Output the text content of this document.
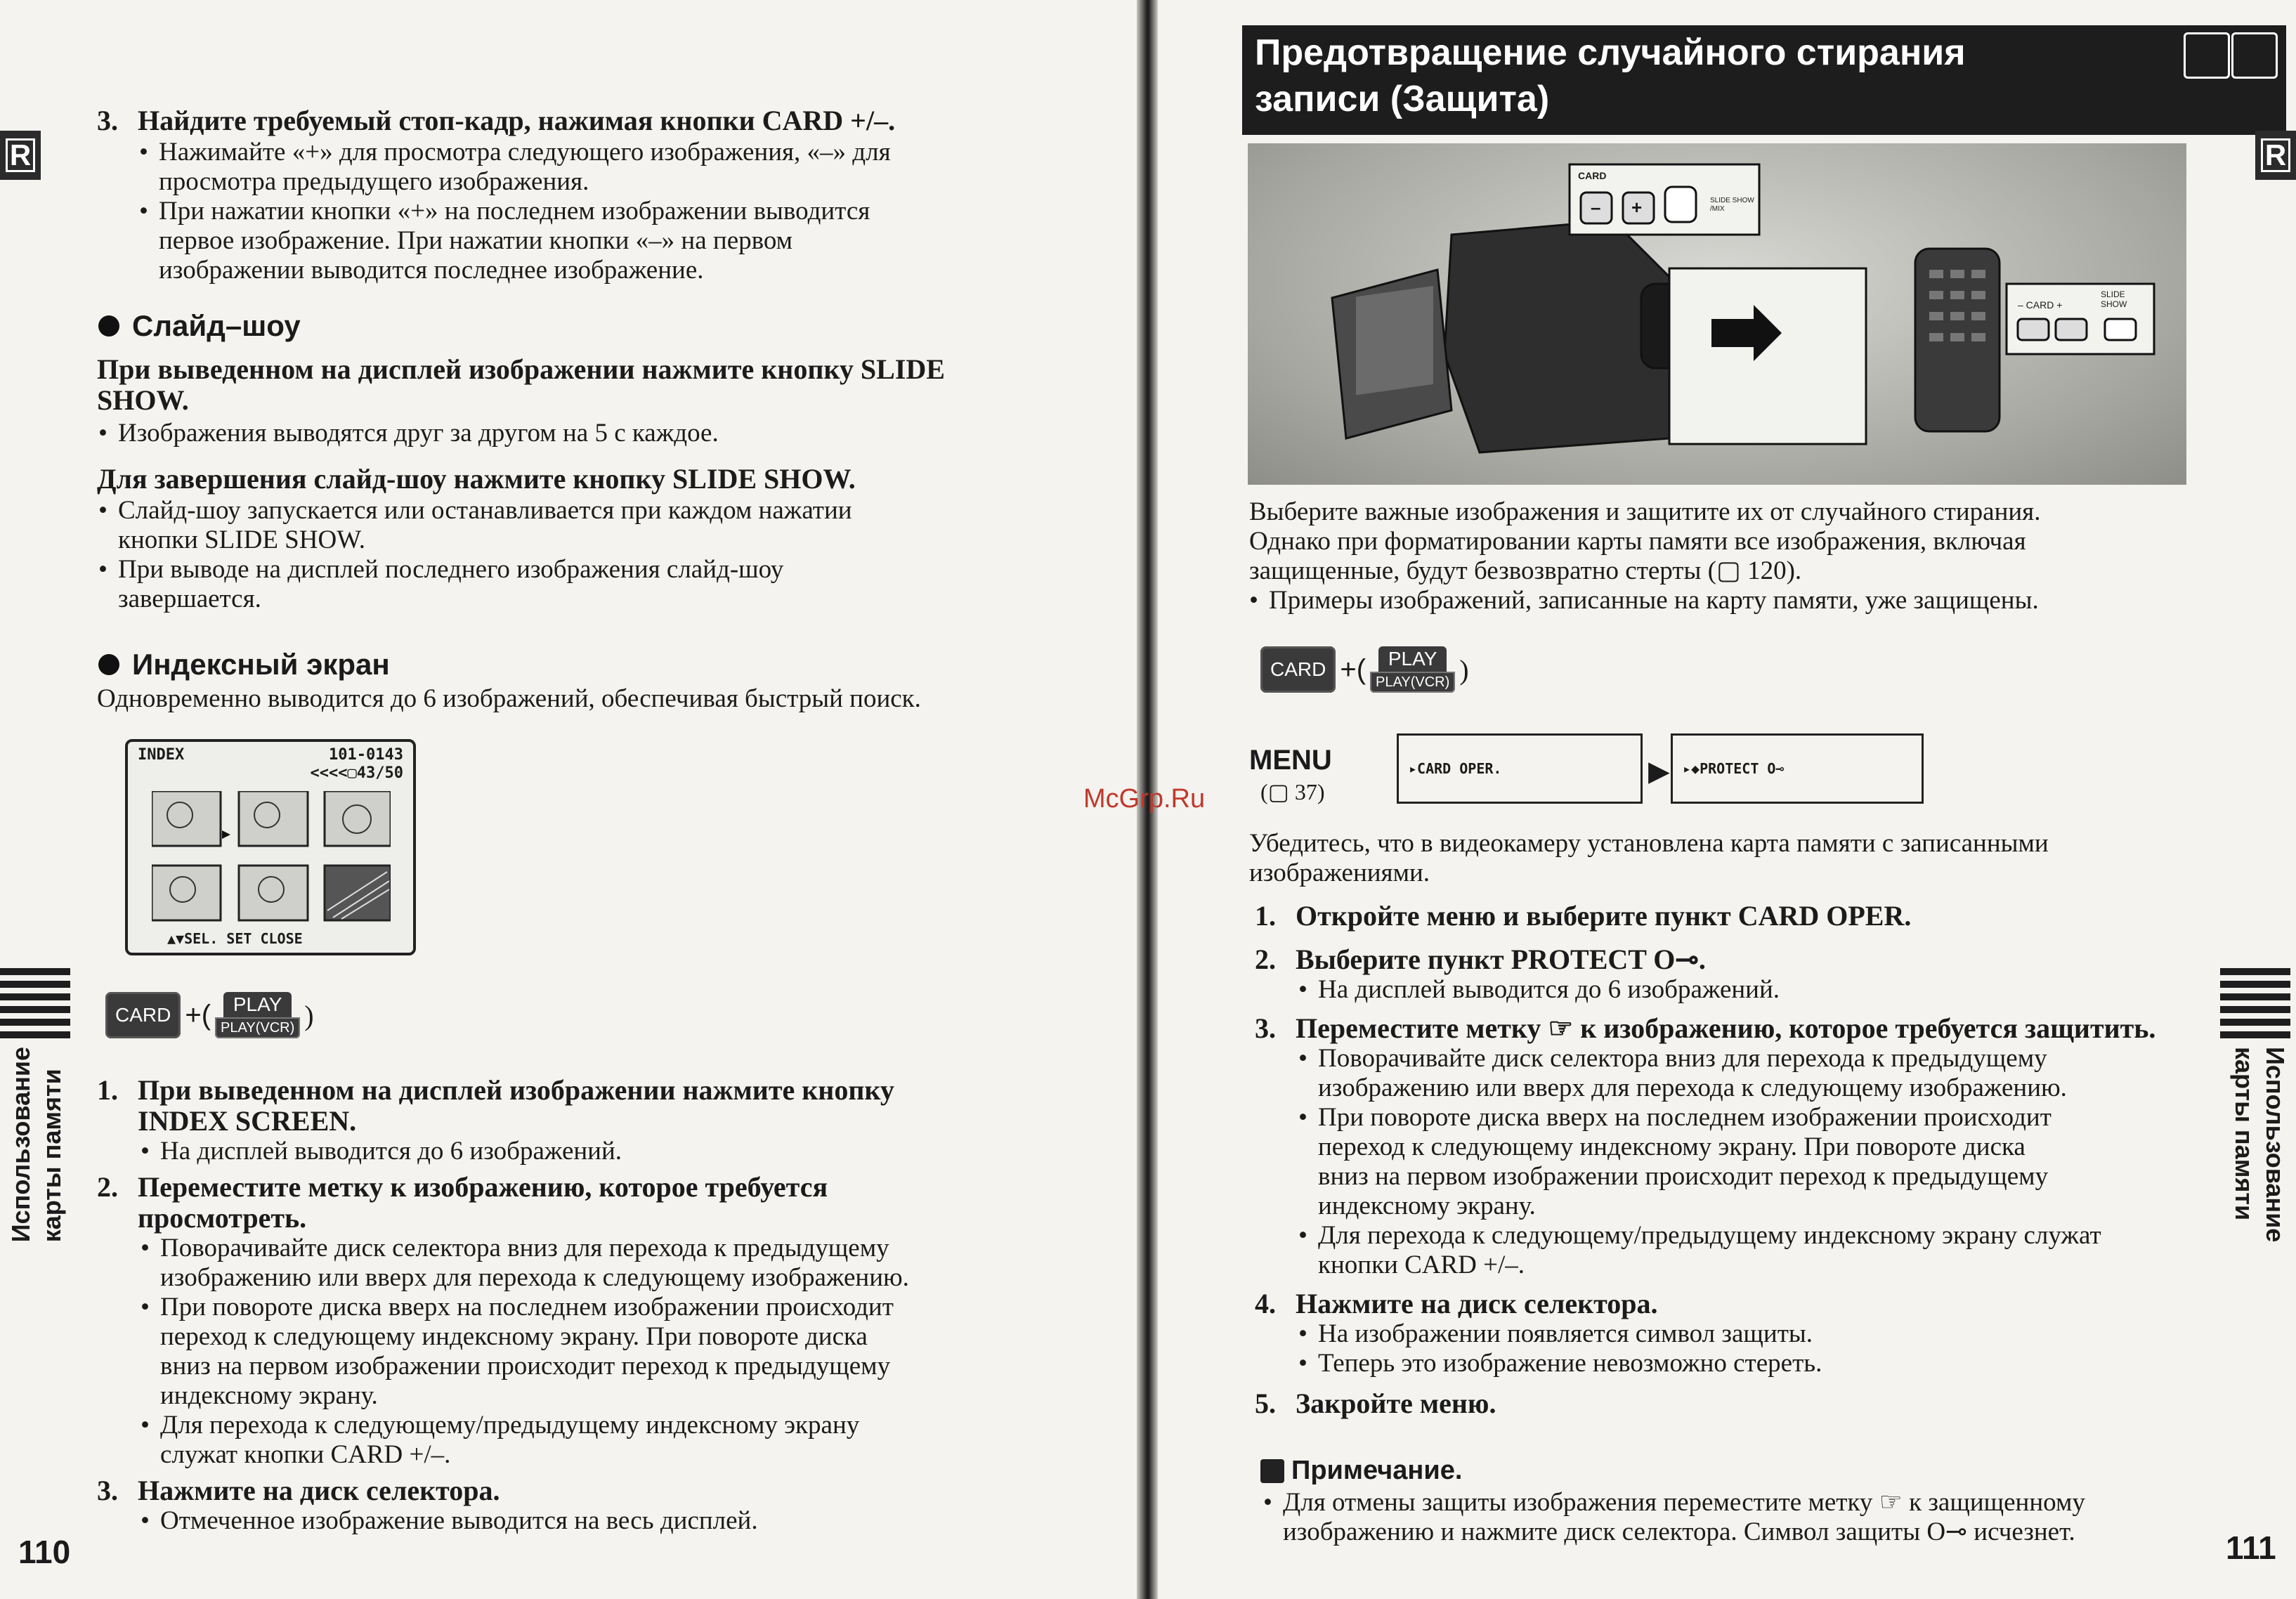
R
3. Найдите требуемый стоп-кадр, нажимая кнопки CARD +/–.
• Нажимайте «+» для просмотра следующего изображения, «–» для
просмотра предыдущего изображения.
• При нажатии кнопки «+» на последнем изображении выводится
первое изображение. При нажатии кнопки «–» на первом
изображении выводится последнее изображение.
Слайд–шоу
При выведенном на дисплей изображении нажмите кнопку SLIDE
SHOW.
• Изображения выводятся друг за другом на 5 с каждое.
Для завершения слайд-шоу нажмите кнопку SLIDE SHOW.
• Слайд-шоу запускается или останавливается при каждом нажатии
кнопки SLIDE SHOW.
• При выводе на дисплей последнего изображения слайд-шоу
завершается.
Индексный экран
Одновременно выводится до 6 изображений, обеспечивая быстрый поиск.
INDEX	101-0143
<<<<▢43/50
▲▼SEL. SET CLOSE
CARD +(	PLAY
PLAY(VCR) )
1. При выведенном на дисплей изображении нажмите кнопку
INDEX SCREEN.
• На дисплей выводится до 6 изображений.
2. Переместите метку к изображению, которое требуется
просмотреть.
• Поворачивайте диск селектора вниз для перехода к предыдущему
изображению или вверх для перехода к следующему изображению.
• При повороте диска вверх на последнем изображении происходит
переход к следующему индексному экрану. При повороте диска
вниз на первом изображении происходит переход к предыдущему
индексному экрану.
• Для перехода к следующему/предыдущему индексному экрану
служат кнопки CARD +/–.
3. Нажмите на диск селектора.
• Отмеченное изображение выводится на весь дисплей.
Использование карты памяти
110
McGrp.Ru
Предотвращение случайного стирания
записи (Защита)
R
CARD
– +	SLIDE SHOW /MIX
– CARD +
SLIDE SHOW
Выберите важные изображения и защитите их от случайного стирания.
Однако при форматировании карты памяти все изображения, включая
защищенные, будут безвозвратно стерты (▢ 120).
• Примеры изображений, записанные на карту памяти, уже защищены.
CARD +(	PLAY
PLAY(VCR) )
MENU
(▢ 37)
▸CARD OPER.	▶ ▸◆PROTECT О⊸
Убедитесь, что в видеокамеру установлена карта памяти с записанными
изображениями.
1. Откройте меню и выберите пункт CARD OPER.
2. Выберите пункт PROTECT О⊸.
• На дисплей выводится до 6 изображений.
3. Переместите метку ☞ к изображению, которое требуется защитить.
• Поворачивайте диск селектора вниз для перехода к предыдущему
изображению или вверх для перехода к следующему изображению.
• При повороте диска вверх на последнем изображении происходит
переход к следующему индексному экрану. При повороте диска
вниз на первом изображении происходит переход к предыдущему
индексному экрану.
• Для перехода к следующему/предыдущему индексному экрану служат
кнопки CARD +/–.
4. Нажмите на диск селектора.
• На изображении появляется символ защиты.
• Теперь это изображение невозможно стереть.
5. Закройте меню.
Примечание.
• Для отмены защиты изображения переместите метку ☞ к защищенному
изображению и нажмите диск селектора. Символ защиты О⊸ исчезнет.
Использование
карты памяти
111
